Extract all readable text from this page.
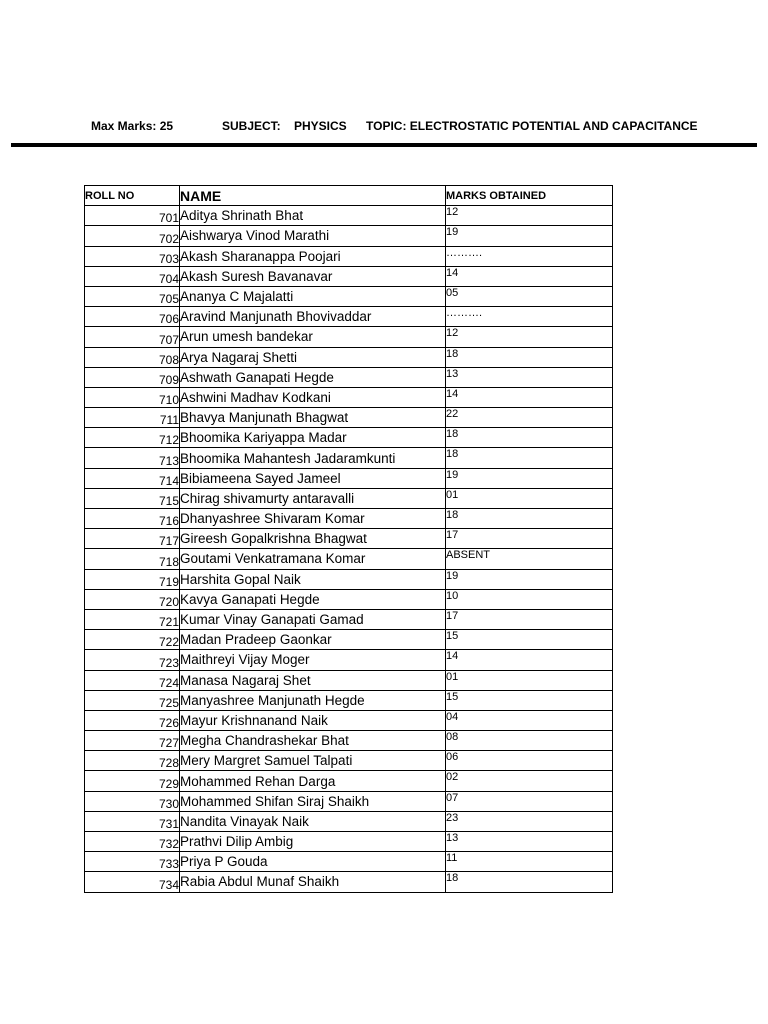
Max Marks: 25	SUBJECT: PHYSICS TOPIC: ELECTROSTATIC POTENTIAL AND CAPACITANCE
ROLL NO	NAME	MARKS OBTAINED
701	Aditya Shrinath Bhat	12
702	Aishwarya Vinod Marathi	19
703	Akash Sharanappa Poojari	……….
704	Akash Suresh Bavanavar	14
705	Ananya C Majalatti	05
706	Aravind Manjunath Bhovivaddar	……….
707	Arun umesh bandekar	12
708	Arya Nagaraj Shetti	18
709	Ashwath Ganapati Hegde	13
710	Ashwini Madhav Kodkani	14
711	Bhavya Manjunath Bhagwat	22
712	Bhoomika Kariyappa Madar	18
713	Bhoomika Mahantesh Jadaramkunti	18
714	Bibiameena Sayed Jameel	19
715	Chirag shivamurty antaravalli	01
716	Dhanyashree Shivaram Komar	18
717	Gireesh Gopalkrishna Bhagwat	17
718	Goutami Venkatramana Komar	ABSENT
719	Harshita Gopal Naik	19
720	Kavya Ganapati Hegde	10
721	Kumar Vinay Ganapati Gamad	17
722	Madan Pradeep Gaonkar	15
723	Maithreyi Vijay Moger	14
724	Manasa Nagaraj Shet	01
725	Manyashree Manjunath Hegde	15
726	Mayur Krishnanand Naik	04
727	Megha Chandrashekar Bhat	08
728	Mery Margret Samuel Talpati	06
729	Mohammed Rehan Darga	02
730	Mohammed Shifan Siraj Shaikh	07
731	Nandita Vinayak Naik	23
732	Prathvi Dilip Ambig	13
733	Priya P Gouda	11
734	Rabia Abdul Munaf Shaikh	18
